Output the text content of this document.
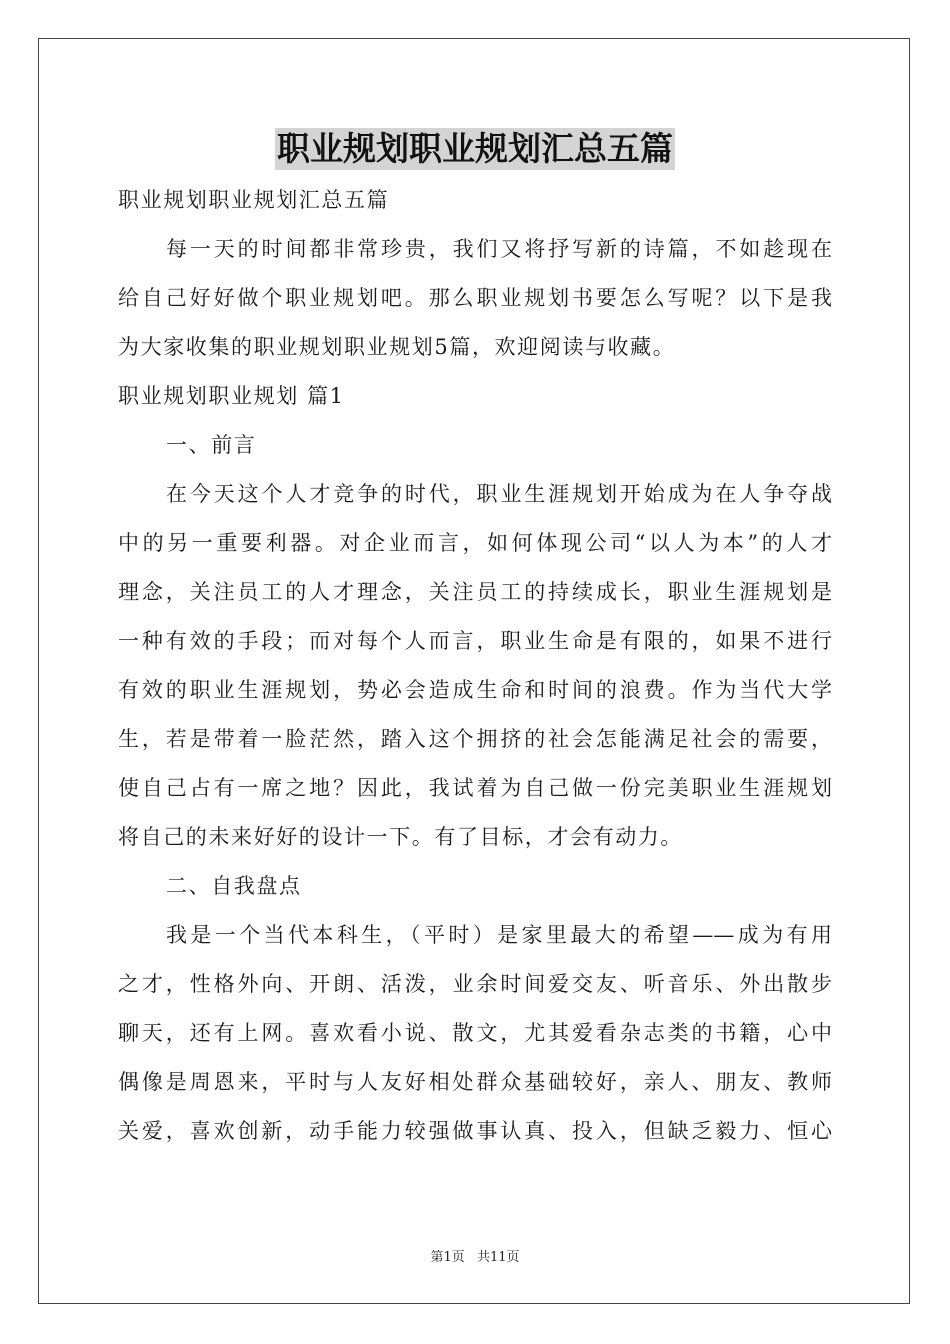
职业规划职业规划汇总五篇
职业规划职业规划汇总五篇
每一天的时间都非常珍贵，我们又将抒写新的诗篇，不如趁现在
给自己好好做个职业规划吧。那么职业规划书要怎么写呢？以下是我
为大家收集的职业规划职业规划5篇，欢迎阅读与收藏。
职业规划职业规划 篇1
一、前言
在今天这个人才竞争的时代，职业生涯规划开始成为在人争夺战
中的另一重要利器。对企业而言，如何体现公司“以人为本”的人才
理念，关注员工的人才理念，关注员工的持续成长，职业生涯规划是
一种有效的手段；而对每个人而言，职业生命是有限的，如果不进行
有效的职业生涯规划，势必会造成生命和时间的浪费。作为当代大学
生，若是带着一脸茫然，踏入这个拥挤的社会怎能满足社会的需要，
使自己占有一席之地？因此，我试着为自己做一份完美职业生涯规划
将自己的未来好好的设计一下。有了目标，才会有动力。
二、自我盘点
我是一个当代本科生，（平时）是家里最大的希望——成为有用
之才，性格外向、开朗、活泼，业余时间爱交友、听音乐、外出散步
聊天，还有上网。喜欢看小说、散文，尤其爱看杂志类的书籍，心中
偶像是周恩来，平时与人友好相处群众基础较好，亲人、朋友、教师
关爱，喜欢创新，动手能力较强做事认真、投入，但缺乏毅力、恒心
第1页 共11页
